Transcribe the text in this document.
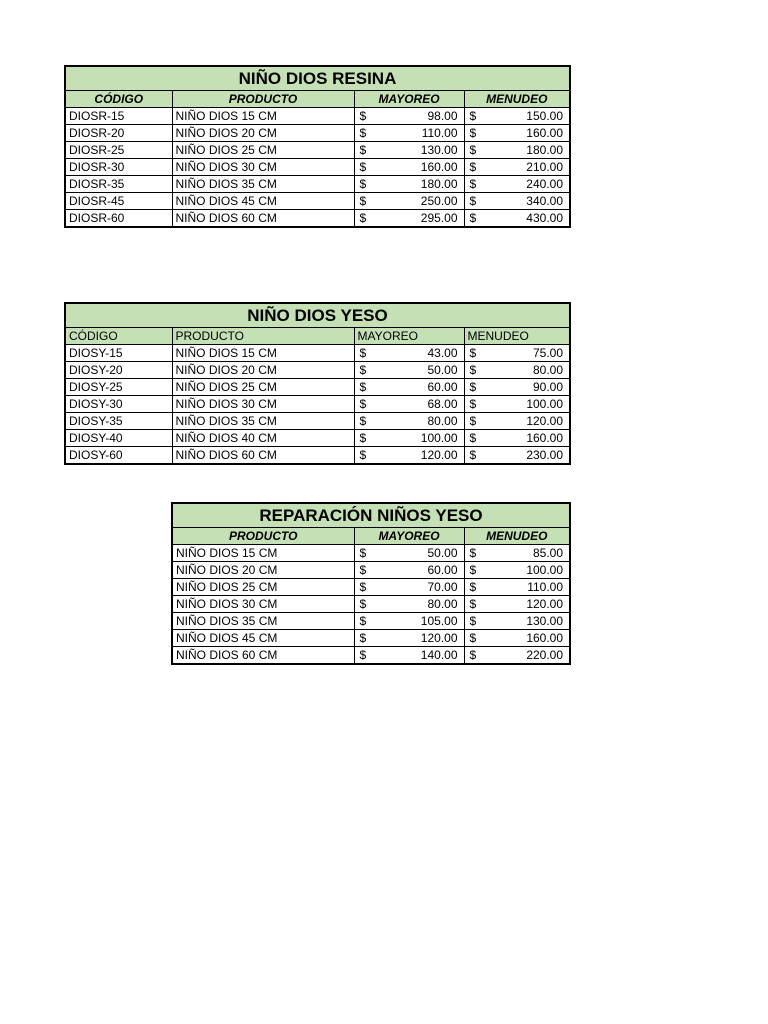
NIÑO DIOS RESINA			
CÓDIGO	PRODUCTO	MAYOREO	MENUDEO
DIOSR-15	NIÑO DIOS 15 CM	$ 98.00	$ 150.00

DIOSR-20	NIÑO DIOS 20 CM	$ 110.00	$ 160.00

DIOSR-25	NIÑO DIOS 25 CM	$ 130.00	$ 180.00

DIOSR-30	NIÑO DIOS 30 CM	$ 160.00	$ 210.00

DIOSR-35	NIÑO DIOS 35 CM	$ 180.00	$ 240.00

DIOSR-45	NIÑO DIOS 45 CM	$ 250.00	$ 340.00

DIOSR-60	NIÑO DIOS 60 CM	$ 295.00	$ 430.00
NIÑO DIOS YESO			
CÓDIGO	PRODUCTO	MAYOREO	MENUDEO
DIOSY-15	NIÑO DIOS 15 CM	$ 43.00	$ 75.00

DIOSY-20	NIÑO DIOS 20 CM	$ 50.00	$ 80.00

DIOSY-25	NIÑO DIOS 25 CM	$ 60.00	$ 90.00

DIOSY-30	NIÑO DIOS 30 CM	$ 68.00	$ 100.00

DIOSY-35	NIÑO DIOS 35 CM	$ 80.00	$ 120.00

DIOSY-40	NIÑO DIOS 40 CM	$ 100.00	$ 160.00

DIOSY-60	NIÑO DIOS 60 CM	$ 120.00	$ 230.00
REPARACIÓN NIÑOS YESO		
PRODUCTO	MAYOREO	MENUDEO
NIÑO DIOS 15 CM	$ 50.00	$ 85.00

NIÑO DIOS 20 CM	$ 60.00	$ 100.00

NIÑO DIOS 25 CM	$ 70.00	$ 110.00

NIÑO DIOS 30 CM	$ 80.00	$ 120.00

NIÑO DIOS 35 CM	$ 105.00	$ 130.00

NIÑO DIOS 45 CM	$ 120.00	$ 160.00

NIÑO DIOS 60 CM	$ 140.00	$ 220.00
